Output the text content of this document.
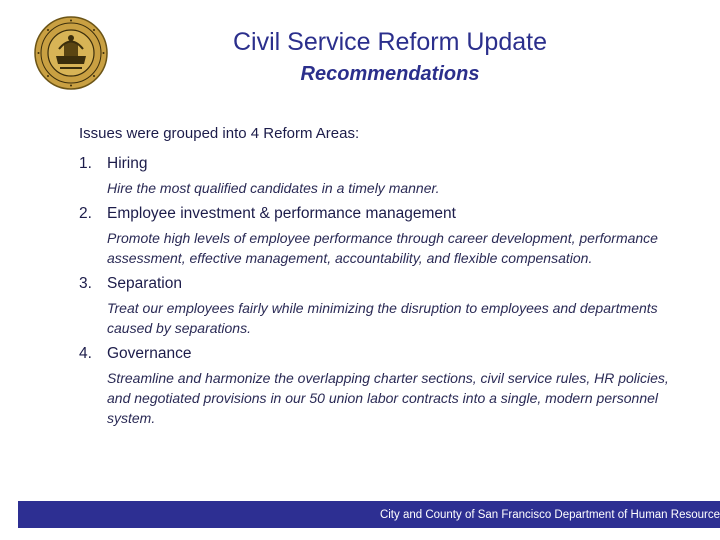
Civil Service Reform Update
Recommendations

Issues were grouped into 4 Reform Areas:

1. Hiring

Hire the most qualified candidates in a timely manner.

2. Employee investment & performance management

Promote high levels of employee performance through career development, performance assessment, effective management, accountability, and flexible compensation.

3. Separation

Treat our employees fairly while minimizing the disruption to employees and departments caused by separations.

4. Governance

Streamline and harmonize the overlapping charter sections, civil service rules, HR policies, and negotiated provisions in our 50 union labor contracts into a single, modern personnel system.

City and County of San Francisco Department of Human Resource
